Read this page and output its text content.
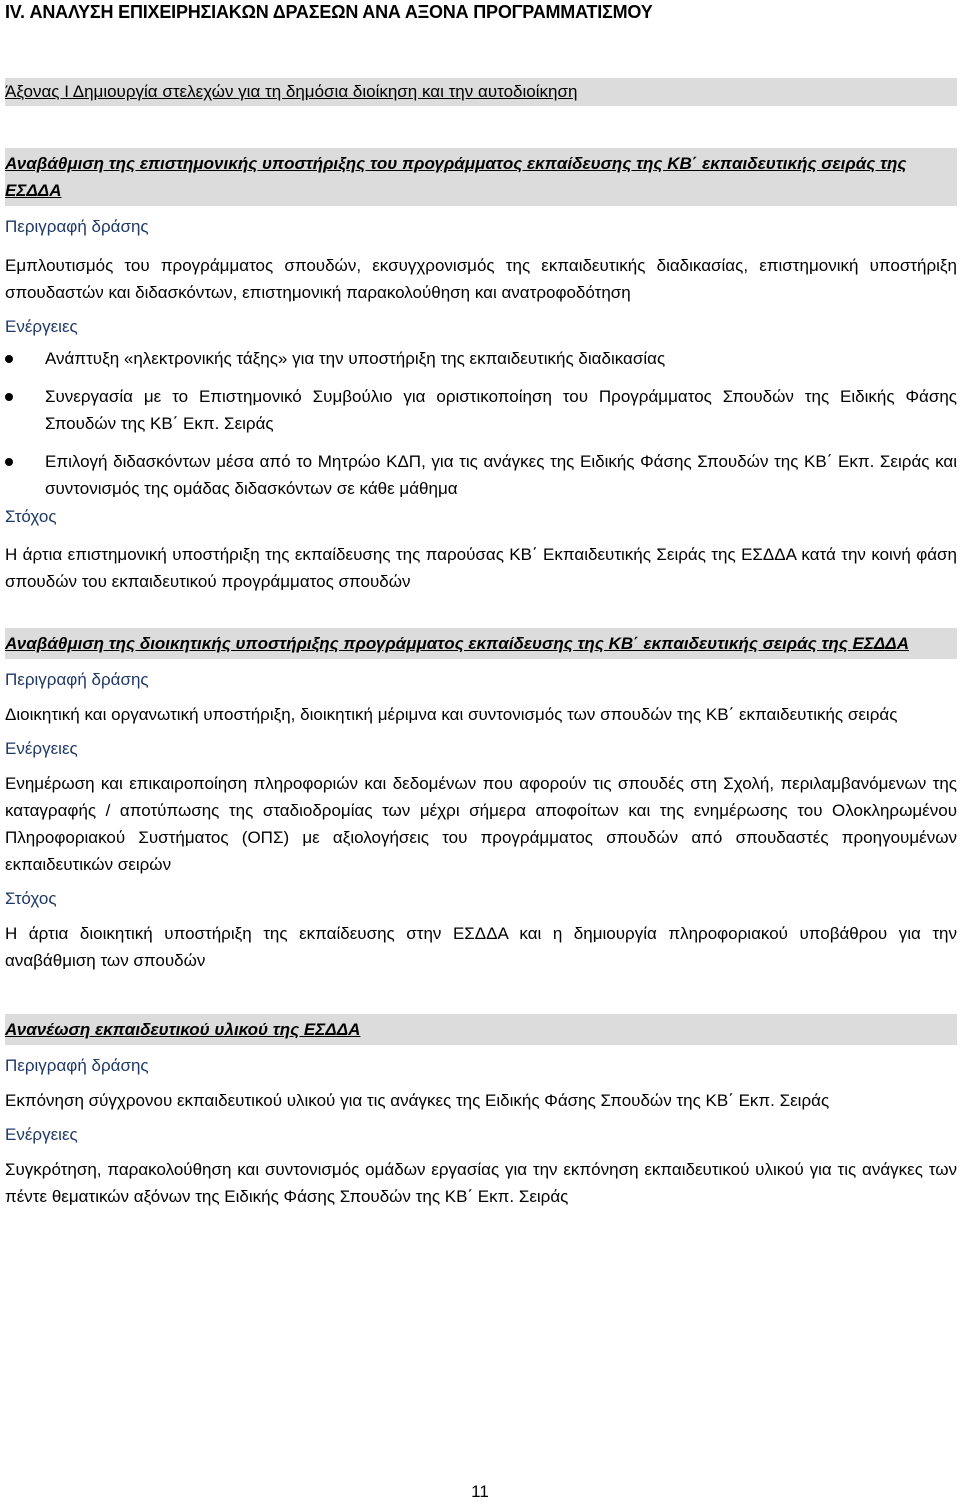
IV. ΑΝΑΛΥΣΗ ΕΠΙΧΕΙΡΗΣΙΑΚΩΝ ΔΡΑΣΕΩΝ ΑΝΑ ΑΞΟΝΑ ΠΡΟΓΡΑΜΜΑΤΙΣΜΟΥ
Άξονας Ι Δημιουργία στελεχών για τη δημόσια διοίκηση και την αυτοδιοίκηση
Αναβάθμιση της επιστημονικής υποστήριξης του προγράμματος εκπαίδευσης της ΚΒ΄ εκπαιδευτικής σειράς της ΕΣΔΔΑ
Περιγραφή δράσης
Εμπλουτισμός του προγράμματος σπουδών, εκσυγχρονισμός της εκπαιδευτικής διαδικασίας, επιστημονική υποστήριξη σπουδαστών και διδασκόντων, επιστημονική παρακολούθηση και ανατροφοδότηση
Ενέργειες
Ανάπτυξη «ηλεκτρονικής τάξης» για την υποστήριξη της εκπαιδευτικής διαδικασίας
Συνεργασία με το Επιστημονικό Συμβούλιο για οριστικοποίηση του Προγράμματος Σπουδών της Ειδικής Φάσης Σπουδών της ΚΒ΄ Εκπ. Σειράς
Επιλογή διδασκόντων μέσα από το Μητρώο ΚΔΠ, για τις ανάγκες της Ειδικής Φάσης Σπουδών της ΚΒ΄ Εκπ. Σειράς και συντονισμός της ομάδας διδασκόντων σε κάθε μάθημα
Στόχος
Η άρτια επιστημονική υποστήριξη της εκπαίδευσης της παρούσας ΚΒ΄ Εκπαιδευτικής Σειράς της ΕΣΔΔΑ κατά την κοινή φάση σπουδών του εκπαιδευτικού προγράμματος σπουδών
Αναβάθμιση της διοικητικής υποστήριξης προγράμματος εκπαίδευσης της ΚΒ΄ εκπαιδευτικής σειράς της ΕΣΔΔΑ
Περιγραφή δράσης
Διοικητική και οργανωτική υποστήριξη, διοικητική μέριμνα και συντονισμός των σπουδών της ΚΒ΄ εκπαιδευτικής σειράς
Ενέργειες
Ενημέρωση και επικαιροποίηση πληροφοριών και δεδομένων που αφορούν τις σπουδές στη Σχολή, περιλαμβανόμενων της καταγραφής / αποτύπωσης της σταδιοδρομίας των μέχρι σήμερα αποφοίτων και της ενημέρωσης του Ολοκληρωμένου Πληροφοριακού Συστήματος (ΟΠΣ) με αξιολογήσεις του προγράμματος σπουδών από σπουδαστές προηγουμένων εκπαιδευτικών σειρών
Στόχος
Η άρτια διοικητική υποστήριξη της εκπαίδευσης στην ΕΣΔΔΑ και η δημιουργία πληροφοριακού υποβάθρου για την αναβάθμιση των σπουδών
Ανανέωση εκπαιδευτικού υλικού της ΕΣΔΔΑ
Περιγραφή δράσης
Εκπόνηση σύγχρονου εκπαιδευτικού υλικού για τις ανάγκες της Ειδικής Φάσης Σπουδών της ΚΒ΄ Εκπ. Σειράς
Ενέργειες
Συγκρότηση, παρακολούθηση και συντονισμός ομάδων εργασίας για την εκπόνηση εκπαιδευτικού υλικού για τις ανάγκες των πέντε θεματικών αξόνων της Ειδικής Φάσης Σπουδών της ΚΒ΄ Εκπ. Σειράς
11
